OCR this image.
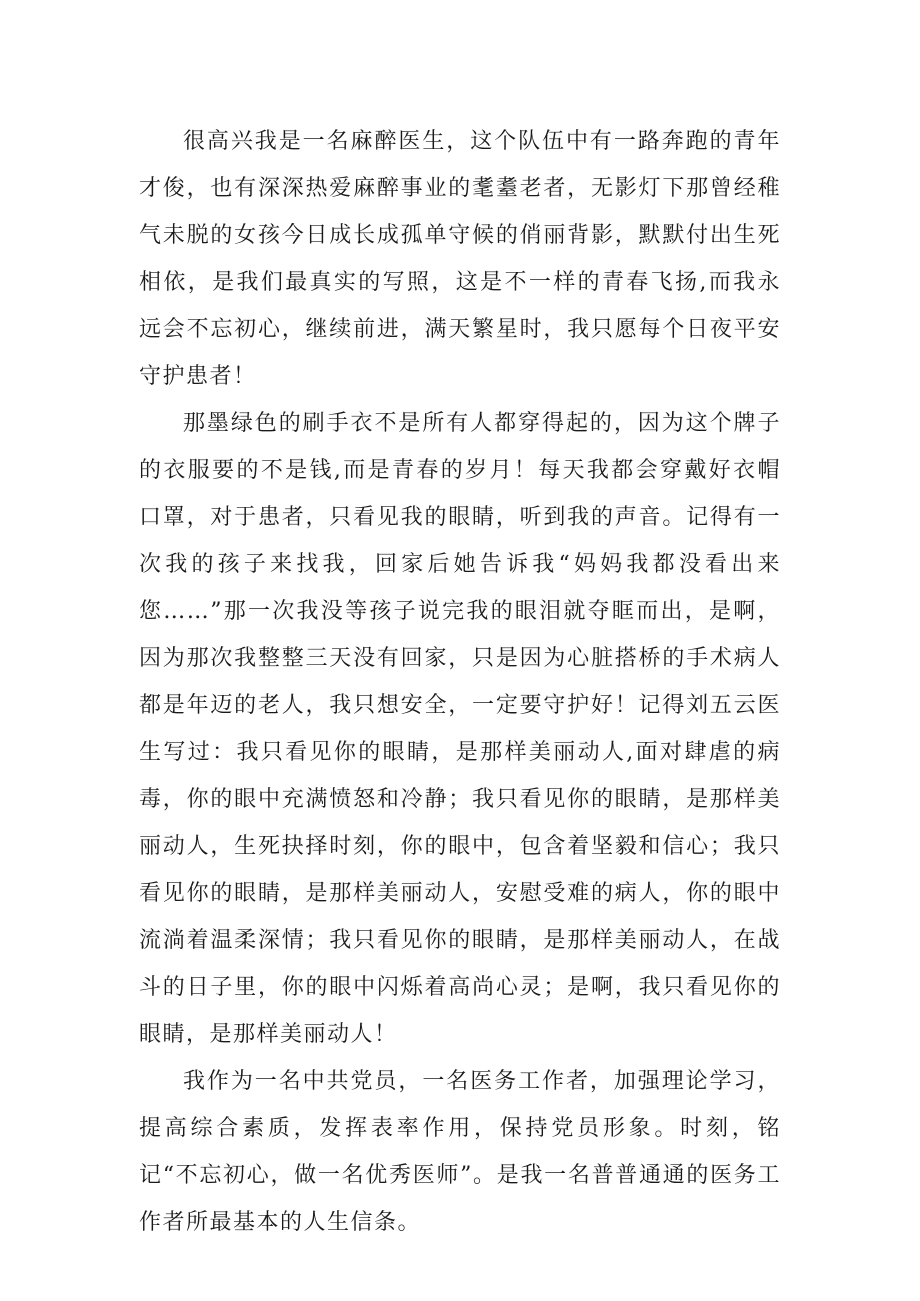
很高兴我是一名麻醉医生，这个队伍中有一路奔跑的青年才俊，也有深深热爱麻醉事业的耄耋老者，无影灯下那曾经稚气未脱的女孩今日成长成孤单守候的俏丽背影，默默付出生死相依，是我们最真实的写照，这是不一样的青春飞扬,而我永远会不忘初心，继续前进，满天繁星时，我只愿每个日夜平安守护患者！

那墨绿色的刷手衣不是所有人都穿得起的，因为这个牌子的衣服要的不是钱,而是青春的岁月！每天我都会穿戴好衣帽口罩，对于患者，只看见我的眼睛，听到我的声音。记得有一次我的孩子来找我，回家后她告诉我“妈妈我都没看出来您……”那一次我没等孩子说完我的眼泪就夺眶而出，是啊，因为那次我整整三天没有回家，只是因为心脏搭桥的手术病人都是年迈的老人，我只想安全，一定要守护好！记得刘五云医生写过：我只看见你的眼睛，是那样美丽动人,面对肆虐的病毒，你的眼中充满愤怒和冷静；我只看见你的眼睛，是那样美丽动人，生死抉择时刻，你的眼中，包含着坚毅和信心；我只看见你的眼睛，是那样美丽动人，安慰受难的病人，你的眼中流淌着温柔深情；我只看见你的眼睛，是那样美丽动人，在战斗的日子里，你的眼中闪烁着高尚心灵；是啊，我只看见你的眼睛，是那样美丽动人！

我作为一名中共党员，一名医务工作者，加强理论学习，提高综合素质，发挥表率作用，保持党员形象。时刻，铭记“不忘初心，做一名优秀医师”。是我一名普普通通的医务工作者所最基本的人生信条。
